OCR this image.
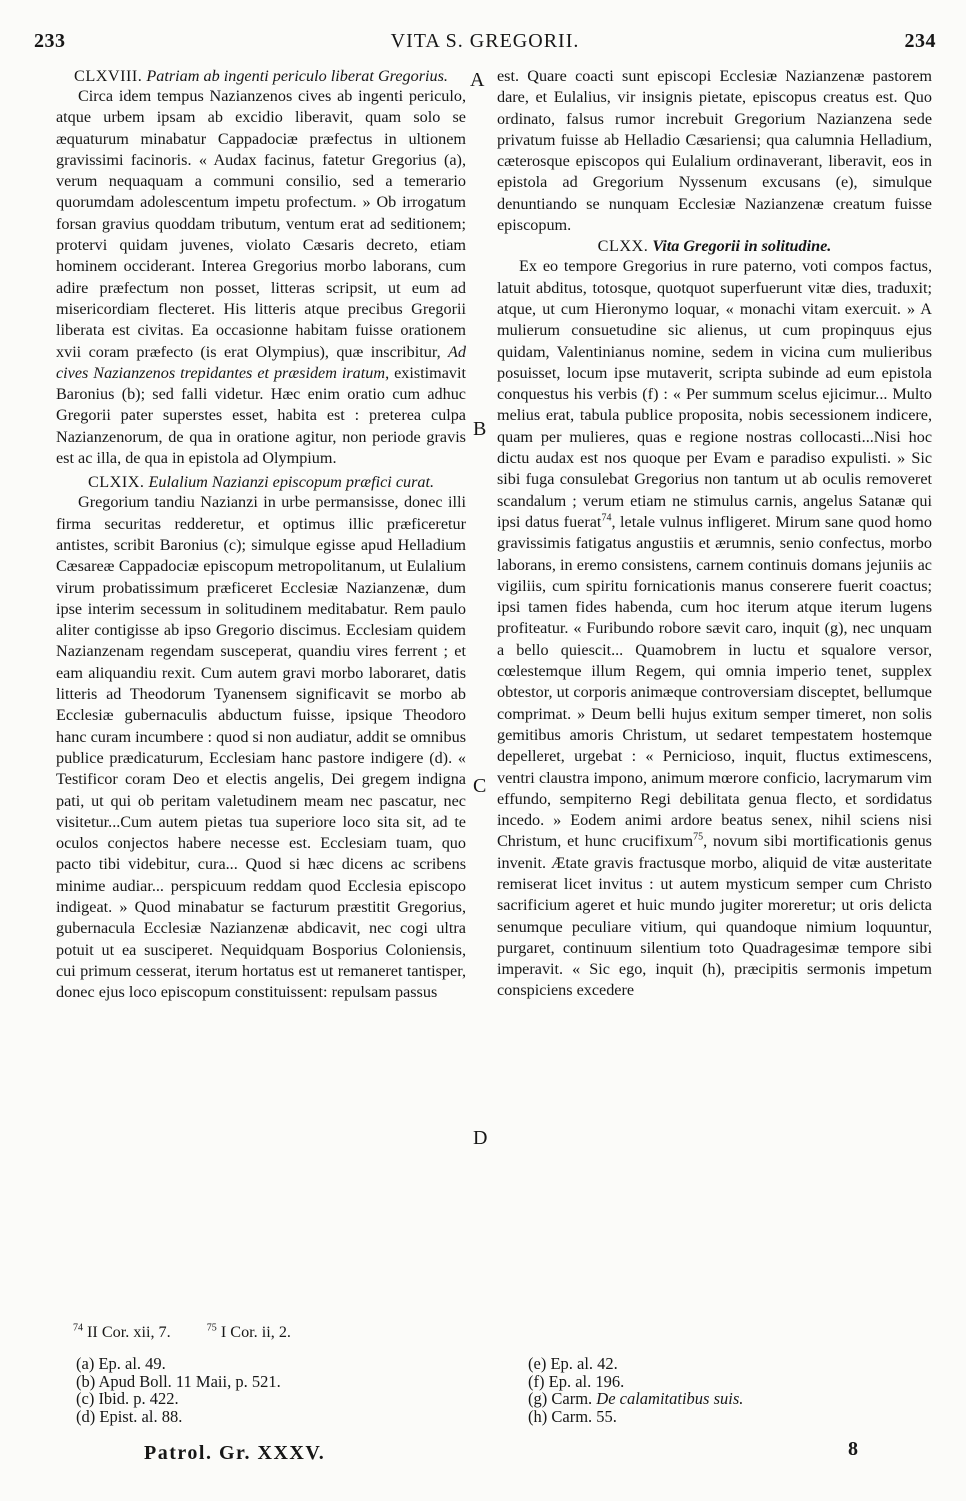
233	VITA S. GREGORII.	234
CLXVIII. Patriam ab ingenti periculo liberat Gregorius.

Circa idem tempus Nazianzenos cives ab ingenti periculo, atque urbem ipsam ab excidio liberavit, quam solo se æquaturum minabatur Cappadociæ præfectus in ultionem gravissimi facinoris. « Audax facinus, fatetur Gregorius (a), verum nequaquam a communi consilio, sed a temerario quorumdam adolescentum impetu profectum. » Ob irrogatum forsan gravius quoddam tributum, ventum erat ad seditionem; protervi quidam juvenes, violato Cæsaris decreto, etiam hominem occiderant. Interea Gregorius morbo laborans, cum adire præfectum non posset, litteras scripsit, ut eum ad misericordiam flecteret. His litteris atque precibus Gregorii liberata est civitas. Ea occasionne habitam fuisse orationem xvii coram præfecto (is erat Olympius), quæ inscribitur, Ad cives Nazianzenos trepidantes et præsidem iratum, existimavit Baronius (b); sed falli videtur. Hæc enim oratio cum adhuc Gregorii pater superstes esset, habita est : preterea culpa Nazianzenorum, de qua in oratione agitur, non periode gravis est ac illa, de qua in epistola ad Olympium.

CLXIX. Eulalium Nazianzi episcopum præfici curat.

Gregorium tandiu Nazianzi in urbe permansisse, donec illi firma securitas redderetur, et optimus illic præficeretur antistes, scribit Baronius (c); simulque egisse apud Helladium Cæsareæ Cappadociæ episcopum metropolitanum, ut Eulalium virum probatissimum præficeret Ecclesiæ Nazianzenæ, dum ipse interim secessum in solitudinem meditabatur. Rem paulo aliter contigisse ab ipso Gregorio discimus. Ecclesiam quidem Nazianzenam regendam susceperat, quandiu vires ferrent ; et eam aliquandiu rexit. Cum autem gravi morbo laboraret, datis litteris ad Theodorum Tyanensem significavit se morbo ab Ecclesiæ gubernaculis abductum fuisse, ipsique Theodoro hanc curam incumbere : quod si non audiatur, addit se omnibus publice prædicaturum, Ecclesiam hanc pastore indigere (d). « Testificor coram Deo et electis angelis, Dei gregem indigna pati, ut qui ob peritam valetudinem meam nec pascatur, nec visitetur...Cum autem pietas tua superiore loco sita sit, ad te oculos conjectos habere necesse est. Ecclesiam tuam, quo pacto tibi videbitur, cura... Quod si hæc dicens ac scribens minime audiar... perspicuum reddam quod Ecclesia episcopo indigeat. » Quod minabatur se facturum præstitit Gregorius, gubernacula Ecclesiæ Nazianzenæ abdicavit, nec cogi ultra potuit ut ea susciperet. Nequidquam Bosporius Coloniensis, cui primum cesserat, iterum hortatus est ut remaneret tantisper, donec ejus loco episcopum constituissent: repulsam passus

est. Quare coacti sunt episcopi Ecclesiæ Nazianzenæ pastorem dare, et Eulalius, vir insignis pietate, episcopus creatus est. Quo ordinato, falsus rumor increbuit Gregorium Nazianzena sede privatum fuisse ab Helladio Cæsariensi; qua calumnia Helladium, cæterosque episcopos qui Eulalium ordinaverant, liberavit, eos in epistola ad Gregorium Nyssenum excusans (e), simulque denuntiando se nunquam Ecclesiæ Nazianzenæ creatum fuisse episcopum.

CLXX. Vita Gregorii in solitudine.

Ex eo tempore Gregorius in rure paterno, voti compos factus, latuit abditus, totosque, quotquot superfuerunt vitæ dies, traduxit; atque, ut cum Hieronymo loquar, « monachi vitam exercuit. » A mulierum consuetudine sic alienus, ut cum propinquus ejus quidam, Valentinianus nomine, sedem in vicina cum mulieribus posuisset, locum ipse mutaverit, scripta subinde ad eum epistola conquestus his verbis (f) : « Per summum scelus ejicimur... Multo melius erat, tabula publice proposita, nobis secessionem indicere, quam per mulieres, quas e regione nostras collocasti...Nisi hoc dictu audax est nos quoque per Evam e paradiso expulisti. » Sic sibi fuga consulebat Gregorius non tantum ut ab oculis removeret scandalum ; verum etiam ne stimulus carnis, angelus Satanæ qui ipsi datus fuerat$^{74}$, letale vulnus infligeret. Mirum sane quod homo gravissimis fatigatus angustiis et ærumnis, senio confectus, morbo laborans, in eremo consistens, carnem continuis domans jejuniis ac vigiliis, cum spiritu fornicationis manus conserere fuerit coactus; ipsi tamen fides habenda, cum hoc iterum atque iterum lugens profiteatur. « Furibundo robore sævit caro, inquit (g), nec unquam a bello quiescit... Quamobrem in luctu et squalore versor, cœlestemque illum Regem, qui omnia imperio tenet, supplex obtestor, ut corporis animæque controversiam disceptet, bellumque comprimat. » Deum belli hujus exitum semper timeret, non solis gemitibus amoris Christum, ut sedaret tempestatem hostemque depelleret, urgebat : « Pernicioso, inquit, fluctus extimescens, ventri claustra impono, animum mœrore conficio, lacrymarum vim effundo, sempiterno Regi debilitata genua flecto, et sordidatus incedo. » Eodem animi ardore beatus senex, nihil sciens nisi Christum, et hunc crucifixum$^{75}$, novum sibi mortificationis genus invenit. Ætate gravis fractusque morbo, aliquid de vitæ austeritate remiserat licet invitus : ut autem mysticum semper cum Christo sacrificium ageret et huic mundo jugiter moreretur; ut oris delicta senumque peculiare vitium, qui quandoque nimium loquuntur, purgaret, continuum silentium toto Quadragesimæ tempore sibi imperavit. « Sic ego, inquit (h), præcipitis sermonis impetum conspiciens excedere

A
B
C
D
$^{74}$ II Cor. xii, 7.	$^{75}$ I Cor. ii, 2.
(a) Ep. al. 49.
(b) Apud Boll. 11 Maii, p. 521.
(c) Ibid. p. 422.
(d) Epist. al. 88.
(e) Ep. al. 42.
(f) Ep. al. 196.
(g) Carm. De calamitatibus suis.
(h) Carm. 55.
Patrol. Gr. XXXV.	8
